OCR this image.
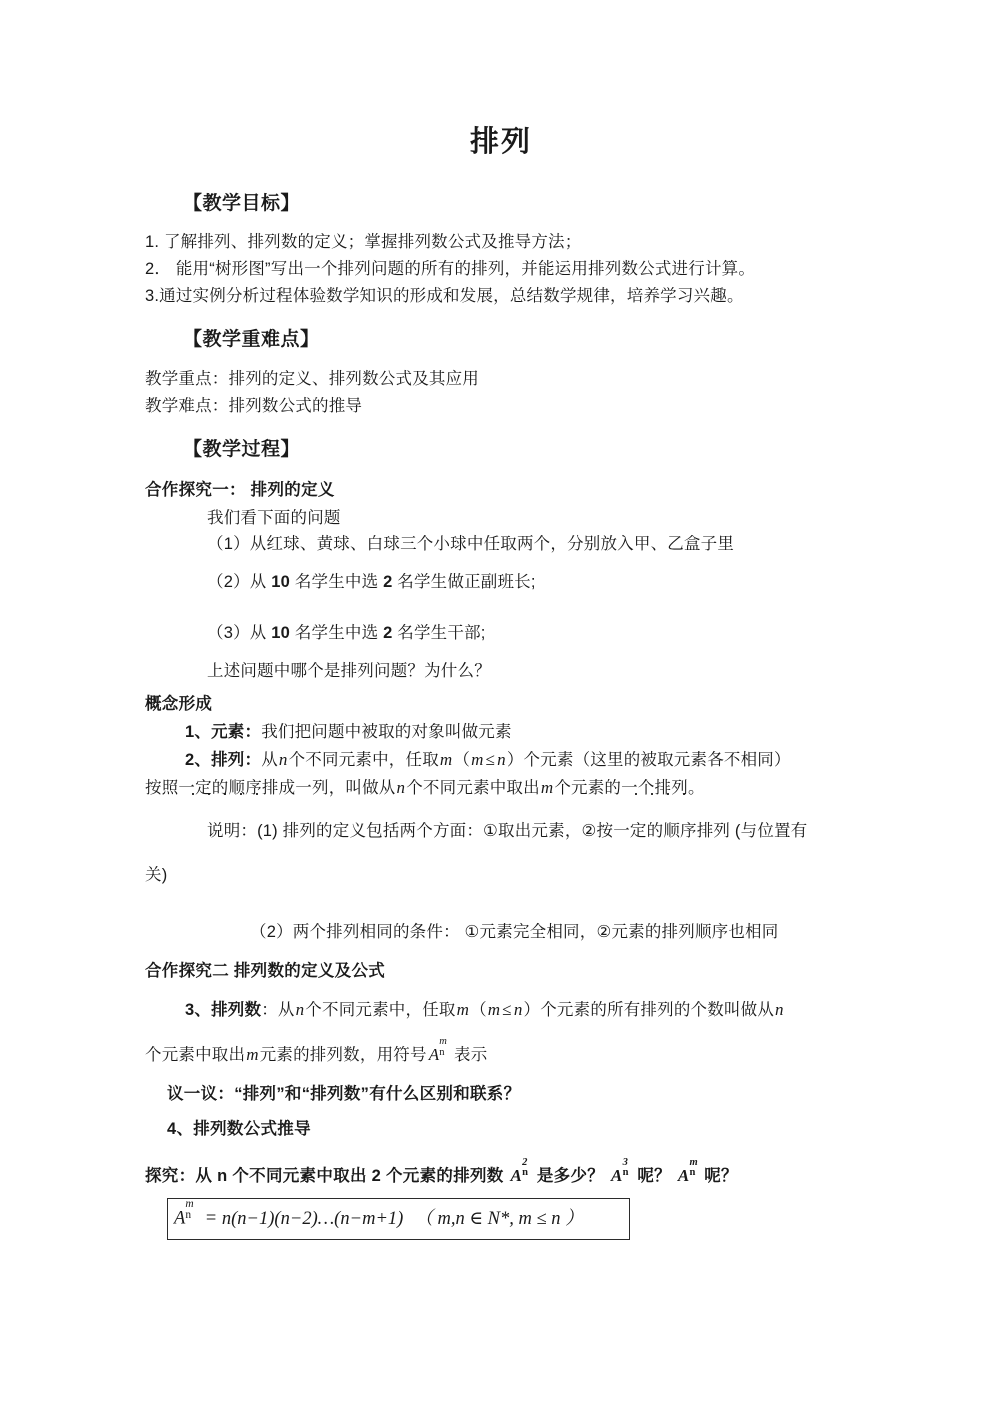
排列
【教学目标】
1. 了解排列、排列数的定义；掌握排列数公式及推导方法；
2． 能用“树形图”写出一个排列问题的所有的排列，并能运用排列数公式进行计算。
3.通过实例分析过程体验数学知识的形成和发展，总结数学规律，培养学习兴趣。
【教学重难点】
教学重点：排列的定义、排列数公式及其应用
教学难点：排列数公式的推导
【教学过程】
合作探究一： 排列的定义
我们看下面的问题
（1）从红球、黄球、白球三个小球中任取两个，分别放入甲、乙盒子里
（2）从 10 名学生中选 2 名学生做正副班长;
（3）从 10 名学生中选 2 名学生干部;
上述问题中哪个是排列问题？为什么？
概念形成
1、元素：我们把问题中被取的对象叫做元素
2、排列：从n个不同元素中，任取m（m ≤ n）个元素（这里的被取元素各不相同）
按照一定的顺序排成一列，叫做从n个不同元素中取出m个元素的一个排列。
说明：(1) 排列的定义包括两个方面：①取出元素，②按一定的顺序排列 (与位置有
关)
（2）两个排列相同的条件： ①元素完全相同，②元素的排列顺序也相同
合作探究二 排列数的定义及公式
3、排列数：从n个不同元素中，任取m（m ≤ n）个元素的所有排列的个数叫做从n
个元素中取出m元素的排列数，用符号 A
m
n 表示
议一议：“排列”和“排列数”有什么区别和联系？
4、排列数公式推导
探究：从 n 个不同元素中取出 2 个元素的排列数 A
2
n 是多少？ A
3
n 呢？ A
m
n 呢？
A
m
n = n(n−1)(n−2)…(n−m+1) （ m,n ∈ N*, m ≤ n ）
